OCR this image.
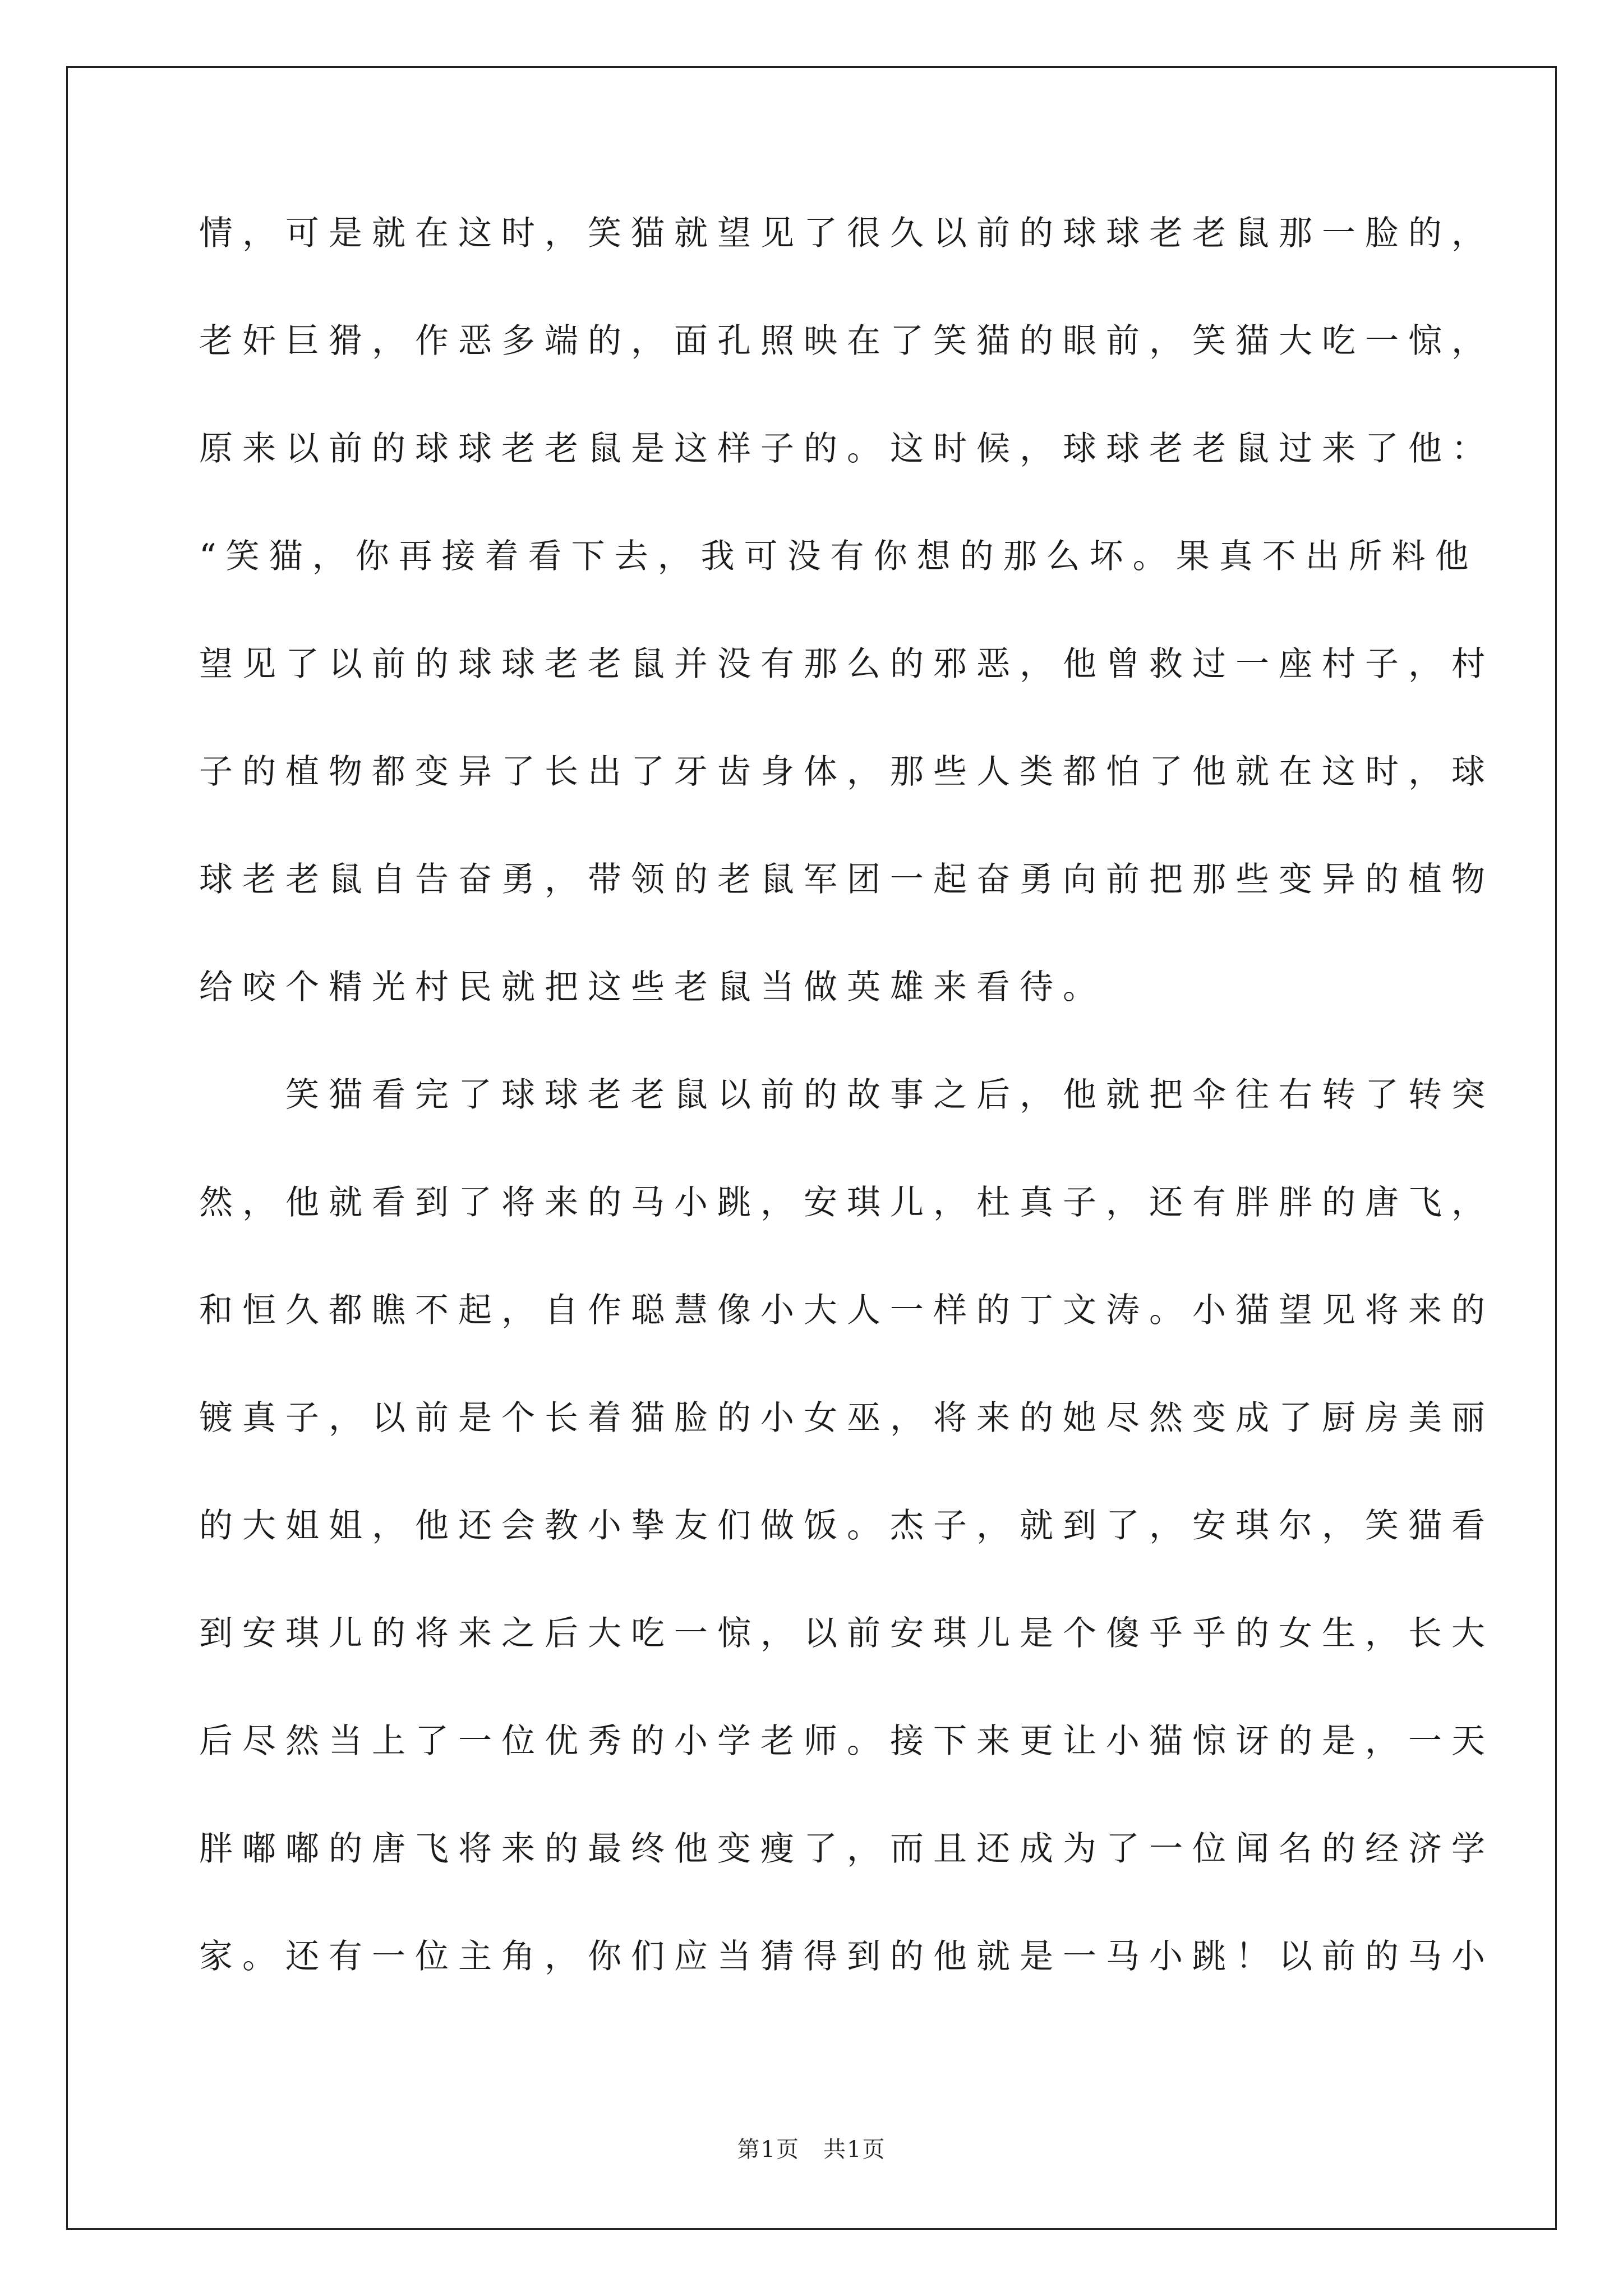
情，可是就在这时，笑猫就望见了很久以前的球球老老鼠那一脸的，
老奸巨猾，作恶多端的，面孔照映在了笑猫的眼前，笑猫大吃一惊，
原来以前的球球老老鼠是这样子的。这时候，球球老老鼠过来了他：
“笑猫，你再接着看下去，我可没有你想的那么坏。果真不出所料他
望见了以前的球球老老鼠并没有那么的邪恶，他曾救过一座村子，村
子的植物都变异了长出了牙齿身体，那些人类都怕了他就在这时，球
球老老鼠自告奋勇，带领的老鼠军团一起奋勇向前把那些变异的植物
给咬个精光村民就把这些老鼠当做英雄来看待。
　　笑猫看完了球球老老鼠以前的故事之后，他就把伞往右转了转突
然，他就看到了将来的马小跳，安琪儿，杜真子，还有胖胖的唐飞，
和恒久都瞧不起，自作聪慧像小大人一样的丁文涛。小猫望见将来的
镀真子，以前是个长着猫脸的小女巫，将来的她尽然变成了厨房美丽
的大姐姐，他还会教小挚友们做饭。杰子，就到了，安琪尔，笑猫看
到安琪儿的将来之后大吃一惊，以前安琪儿是个傻乎乎的女生，长大
后尽然当上了一位优秀的小学老师。接下来更让小猫惊讶的是，一天
胖嘟嘟的唐飞将来的最终他变瘦了，而且还成为了一位闻名的经济学
家。还有一位主角，你们应当猜得到的他就是一马小跳！以前的马小
第1页　共1页
